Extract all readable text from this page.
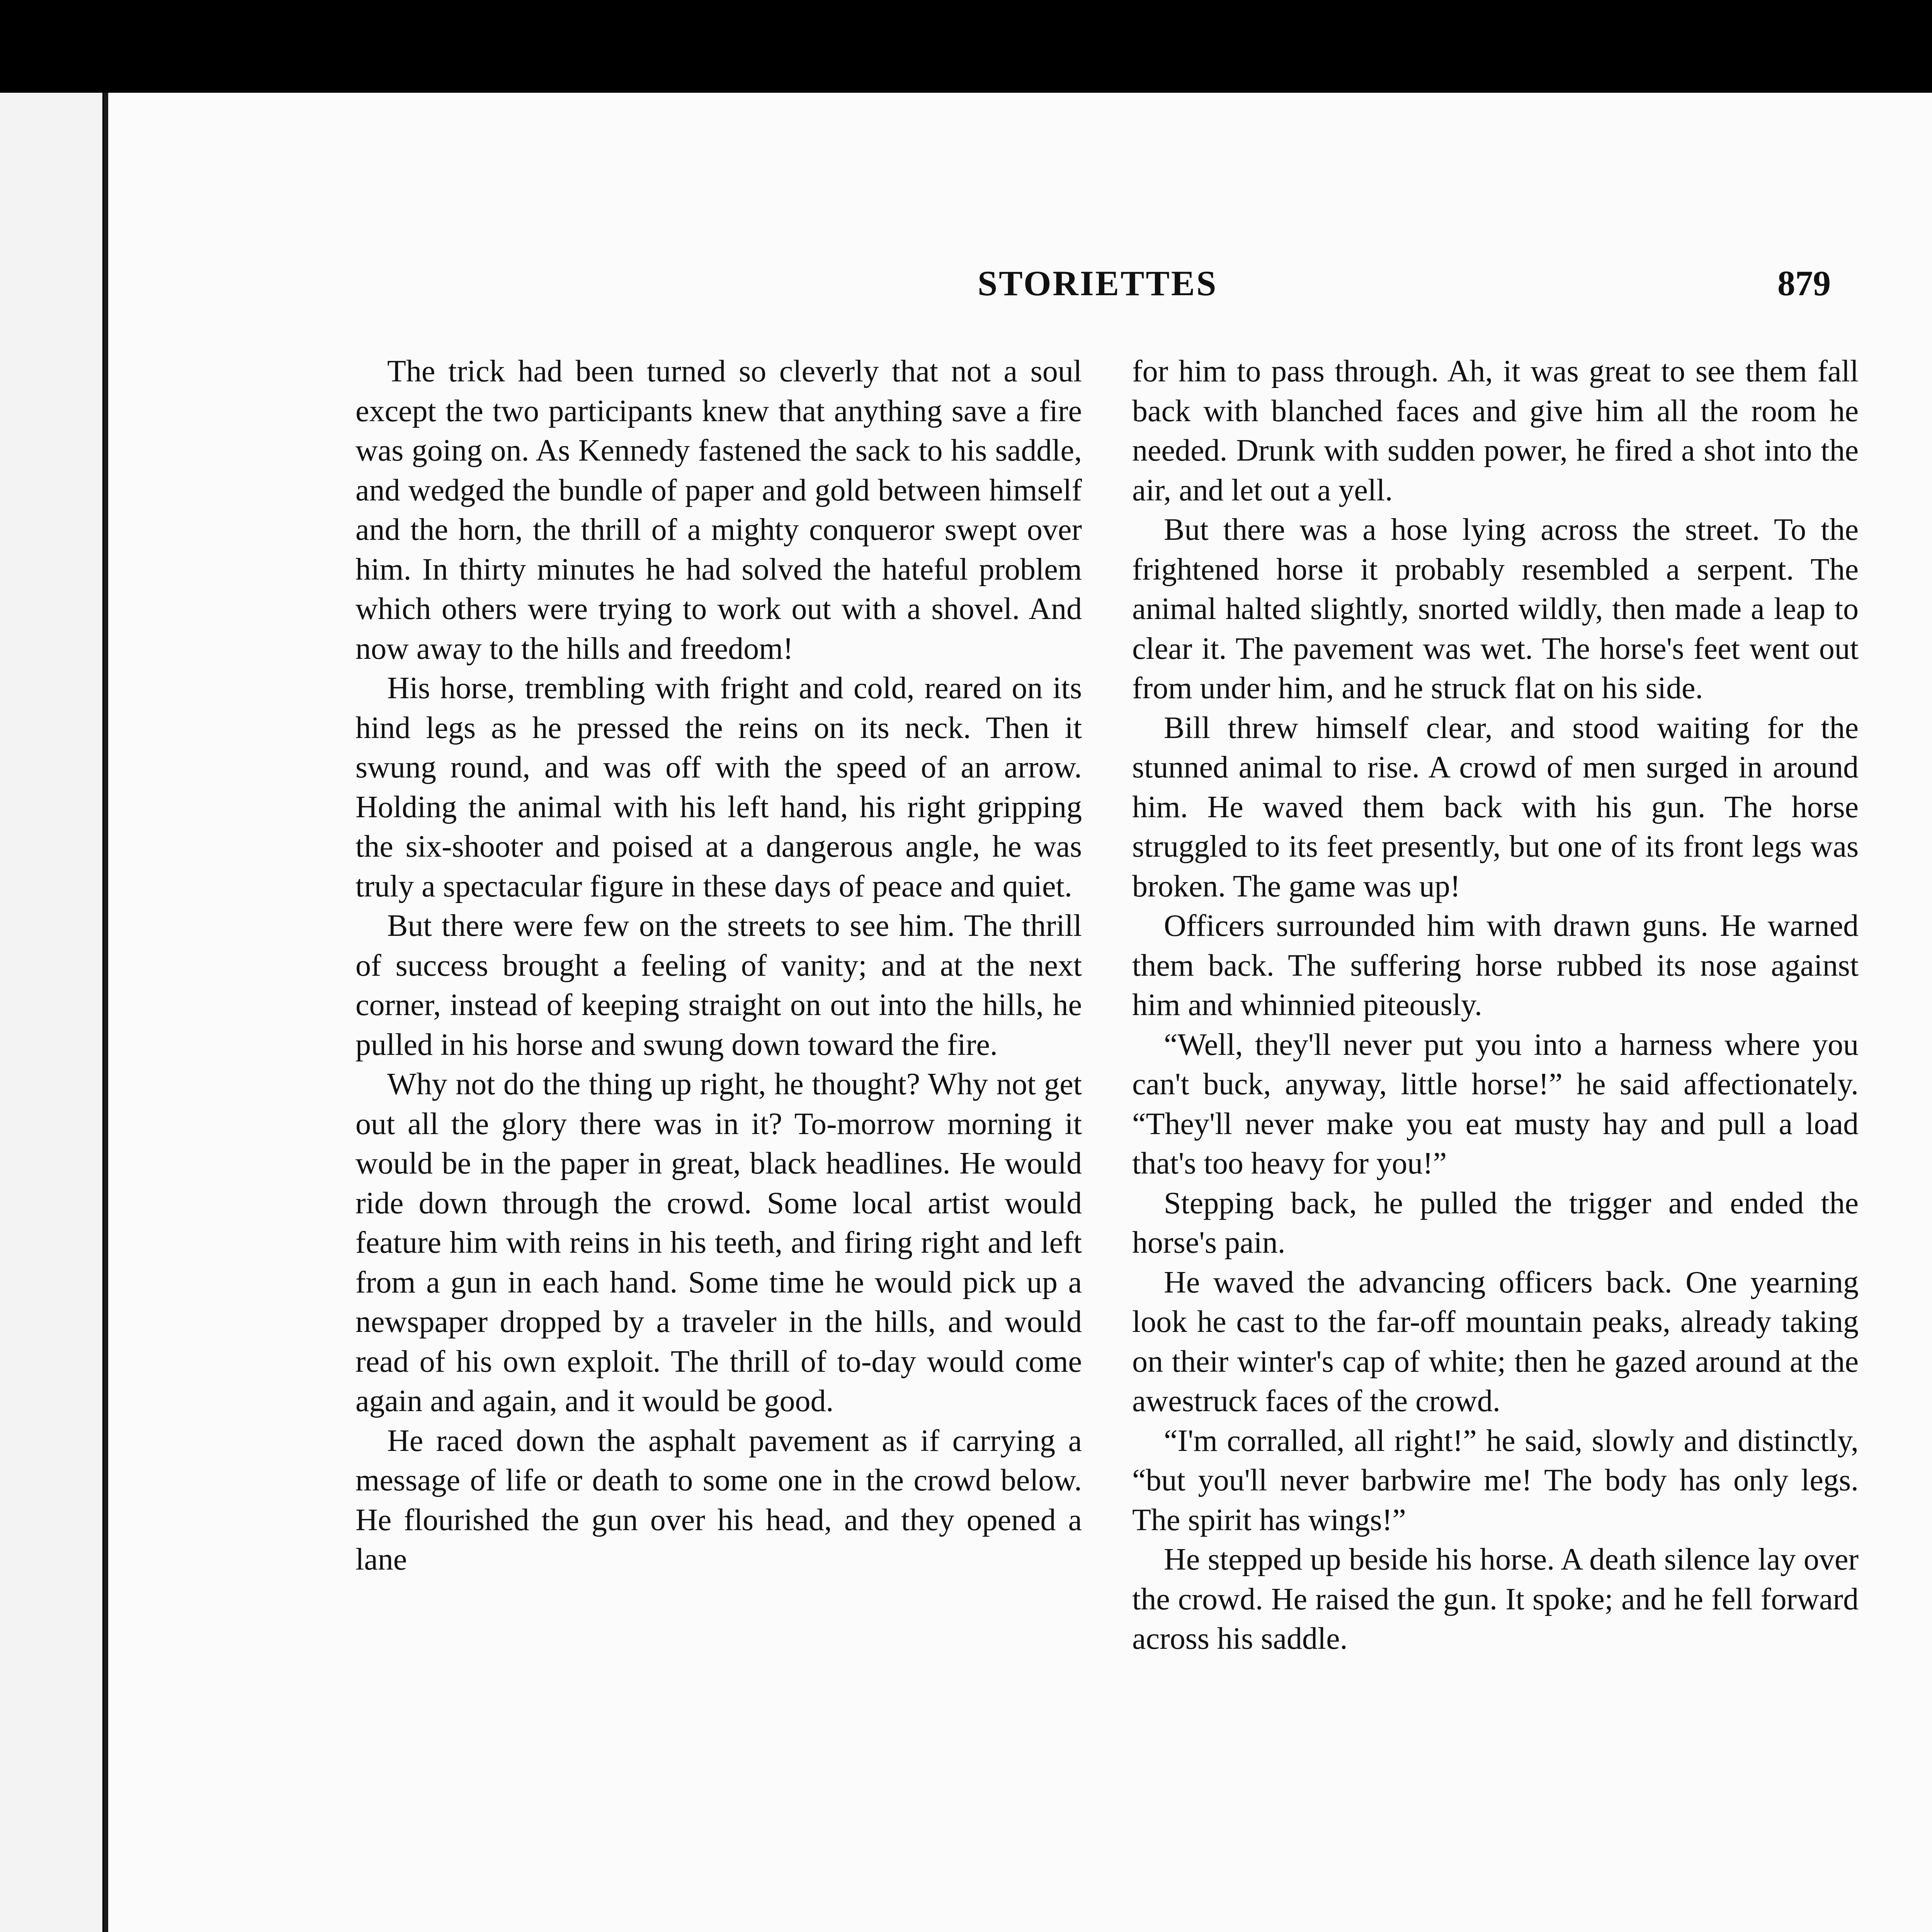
STORIETTES	879

The trick had been turned so cleverly that not a soul except the two participants knew that anything save a fire was going on. As Kennedy fastened the sack to his saddle, and wedged the bundle of paper and gold between himself and the horn, the thrill of a mighty conqueror swept over him. In thirty minutes he had solved the hateful problem which others were trying to work out with a shovel. And now away to the hills and freedom!

His horse, trembling with fright and cold, reared on its hind legs as he pressed the reins on its neck. Then it swung round, and was off with the speed of an arrow. Holding the animal with his left hand, his right gripping the six-shooter and poised at a dangerous angle, he was truly a spectacular figure in these days of peace and quiet.

But there were few on the streets to see him. The thrill of success brought a feeling of vanity; and at the next corner, instead of keeping straight on out into the hills, he pulled in his horse and swung down toward the fire.

Why not do the thing up right, he thought? Why not get out all the glory there was in it? To-morrow morning it would be in the paper in great, black headlines. He would ride down through the crowd. Some local artist would feature him with reins in his teeth, and firing right and left from a gun in each hand. Some time he would pick up a newspaper dropped by a traveler in the hills, and would read of his own exploit. The thrill of to-day would come again and again, and it would be good.

He raced down the asphalt pavement as if carrying a message of life or death to some one in the crowd below. He flourished the gun over his head, and they opened a lane

for him to pass through. Ah, it was great to see them fall back with blanched faces and give him all the room he needed. Drunk with sudden power, he fired a shot into the air, and let out a yell.

But there was a hose lying across the street. To the frightened horse it probably resembled a serpent. The animal halted slightly, snorted wildly, then made a leap to clear it. The pavement was wet. The horse's feet went out from under him, and he struck flat on his side.

Bill threw himself clear, and stood waiting for the stunned animal to rise. A crowd of men surged in around him. He waved them back with his gun. The horse struggled to its feet presently, but one of its front legs was broken. The game was up!

Officers surrounded him with drawn guns. He warned them back. The suffering horse rubbed its nose against him and whinnied piteously.

“Well, they'll never put you into a harness where you can't buck, anyway, little horse!” he said affectionately. “They'll never make you eat musty hay and pull a load that's too heavy for you!”

Stepping back, he pulled the trigger and ended the horse's pain.

He waved the advancing officers back. One yearning look he cast to the far-off mountain peaks, already taking on their winter's cap of white; then he gazed around at the awestruck faces of the crowd.

“I'm corralled, all right!” he said, slowly and distinctly, “but you'll never barbwire me! The body has only legs. The spirit has wings!”

He stepped up beside his horse. A death silence lay over the crowd. He raised the gun. It spoke; and he fell forward across his saddle.
